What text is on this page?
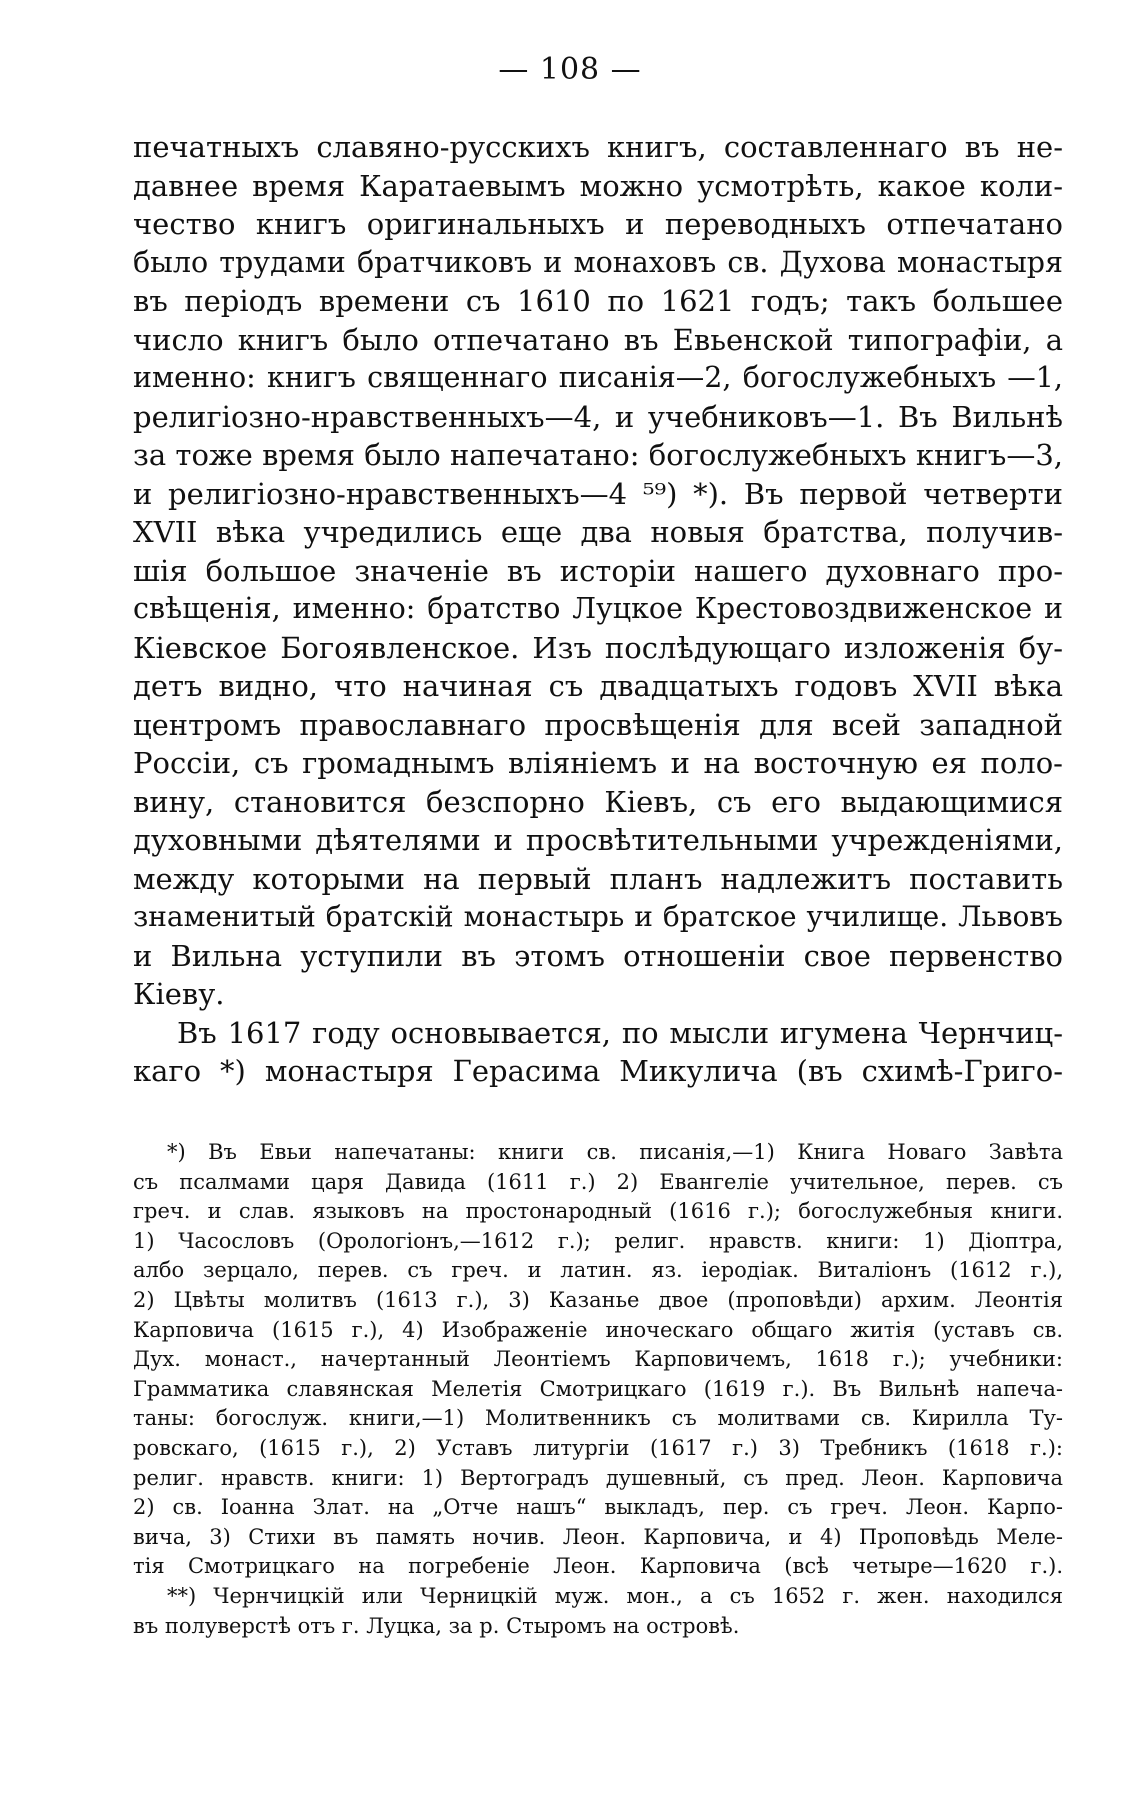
— 108 —
печатныхъ славяно-русскихъ книгъ, составленнаго въ не-
давнее время Каратаевымъ можно усмотрѣть, какое коли-
чество книгъ оригинальныхъ и переводныхъ отпечатано
было трудами братчиковъ и монаховъ св. Духова монастыря
въ періодъ времени съ 1610 по 1621 годъ; такъ большее
число книгъ было отпечатано въ Евьенской типографіи, а
именно: книгъ священнаго писанія—2, богослужебныхъ —1,
религіозно-нравственныхъ—4, и учебниковъ—1. Въ Вильнѣ
за тоже время было напечатано: богослужебныхъ книгъ—3,
и религіозно-нравственныхъ—4 ⁵⁹) *). Въ первой четверти
XVII вѣка учредились еще два новыя братства, получив-
шія большое значеніе въ исторіи нашего духовнаго про-
свѣщенія, именно: братство Луцкое Крестовоздвиженское и
Кіевское Богоявленское. Изъ послѣдующаго изложенія бу-
детъ видно, что начиная съ двадцатыхъ годовъ XVII вѣка
центромъ православнаго просвѣщенія для всей западной
Россіи, съ громаднымъ вліяніемъ и на восточную ея поло-
вину, становится безспорно Кіевъ, съ его выдающимися
духовными дѣятелями и просвѣтительными учрежденіями,
между которыми на первый планъ надлежитъ поставить
знаменитый братскій монастырь и братское училище. Львовъ
и Вильна уступили въ этомъ отношеніи свое первенство
Кіеву.
Въ 1617 году основывается, по мысли игумена Чернчиц-
каго *) монастыря Герасима Микулича (въ схимѣ-Григо-
*) Въ Евьи напечатаны: книги св. писанія,—1) Книга Новаго Завѣта
съ псалмами царя Давида (1611 г.) 2) Евангеліе учительное, перев. съ
греч. и слав. языковъ на простонародный (1616 г.); богослужебныя книги.
1) Часословъ (Орологіонъ,—1612 г.); религ. нравств. книги: 1) Діоптра,
албо зерцало, перев. съ греч. и латин. яз. іеродіак. Виталіонъ (1612 г.),
2) Цвѣты молитвъ (1613 г.), 3) Казанье двое (проповѣди) архим. Леонтія
Карповича (1615 г.), 4) Изображеніе иноческаго общаго житія (уставъ св.
Дух. монаст., начертанный Леонтіемъ Карповичемъ, 1618 г.); учебники:
Грамматика славянская Мелетія Смотрицкаго (1619 г.). Въ Вильнѣ напеча-
таны: богослуж. книги,—1) Молитвенникъ съ молитвами св. Кирилла Ту-
ровскаго, (1615 г.), 2) Уставъ литургіи (1617 г.) 3) Требникъ (1618 г.):
религ. нравств. книги: 1) Вертоградъ душевный, съ пред. Леон. Карповича
2) св. Іоанна Злат. на „Отче нашъ“ выкладъ, пер. съ греч. Леон. Карпо-
вича, 3) Стихи въ память ночив. Леон. Карповича, и 4) Проповѣдь Меле-
тія Смотрицкаго на погребеніе Леон. Карповича (всѣ четыре—1620 г.).
**) Чернчицкій или Черницкій муж. мон., а съ 1652 г. жен. находился
въ полуверстѣ отъ г. Луцка, за р. Стыромъ на островѣ.
